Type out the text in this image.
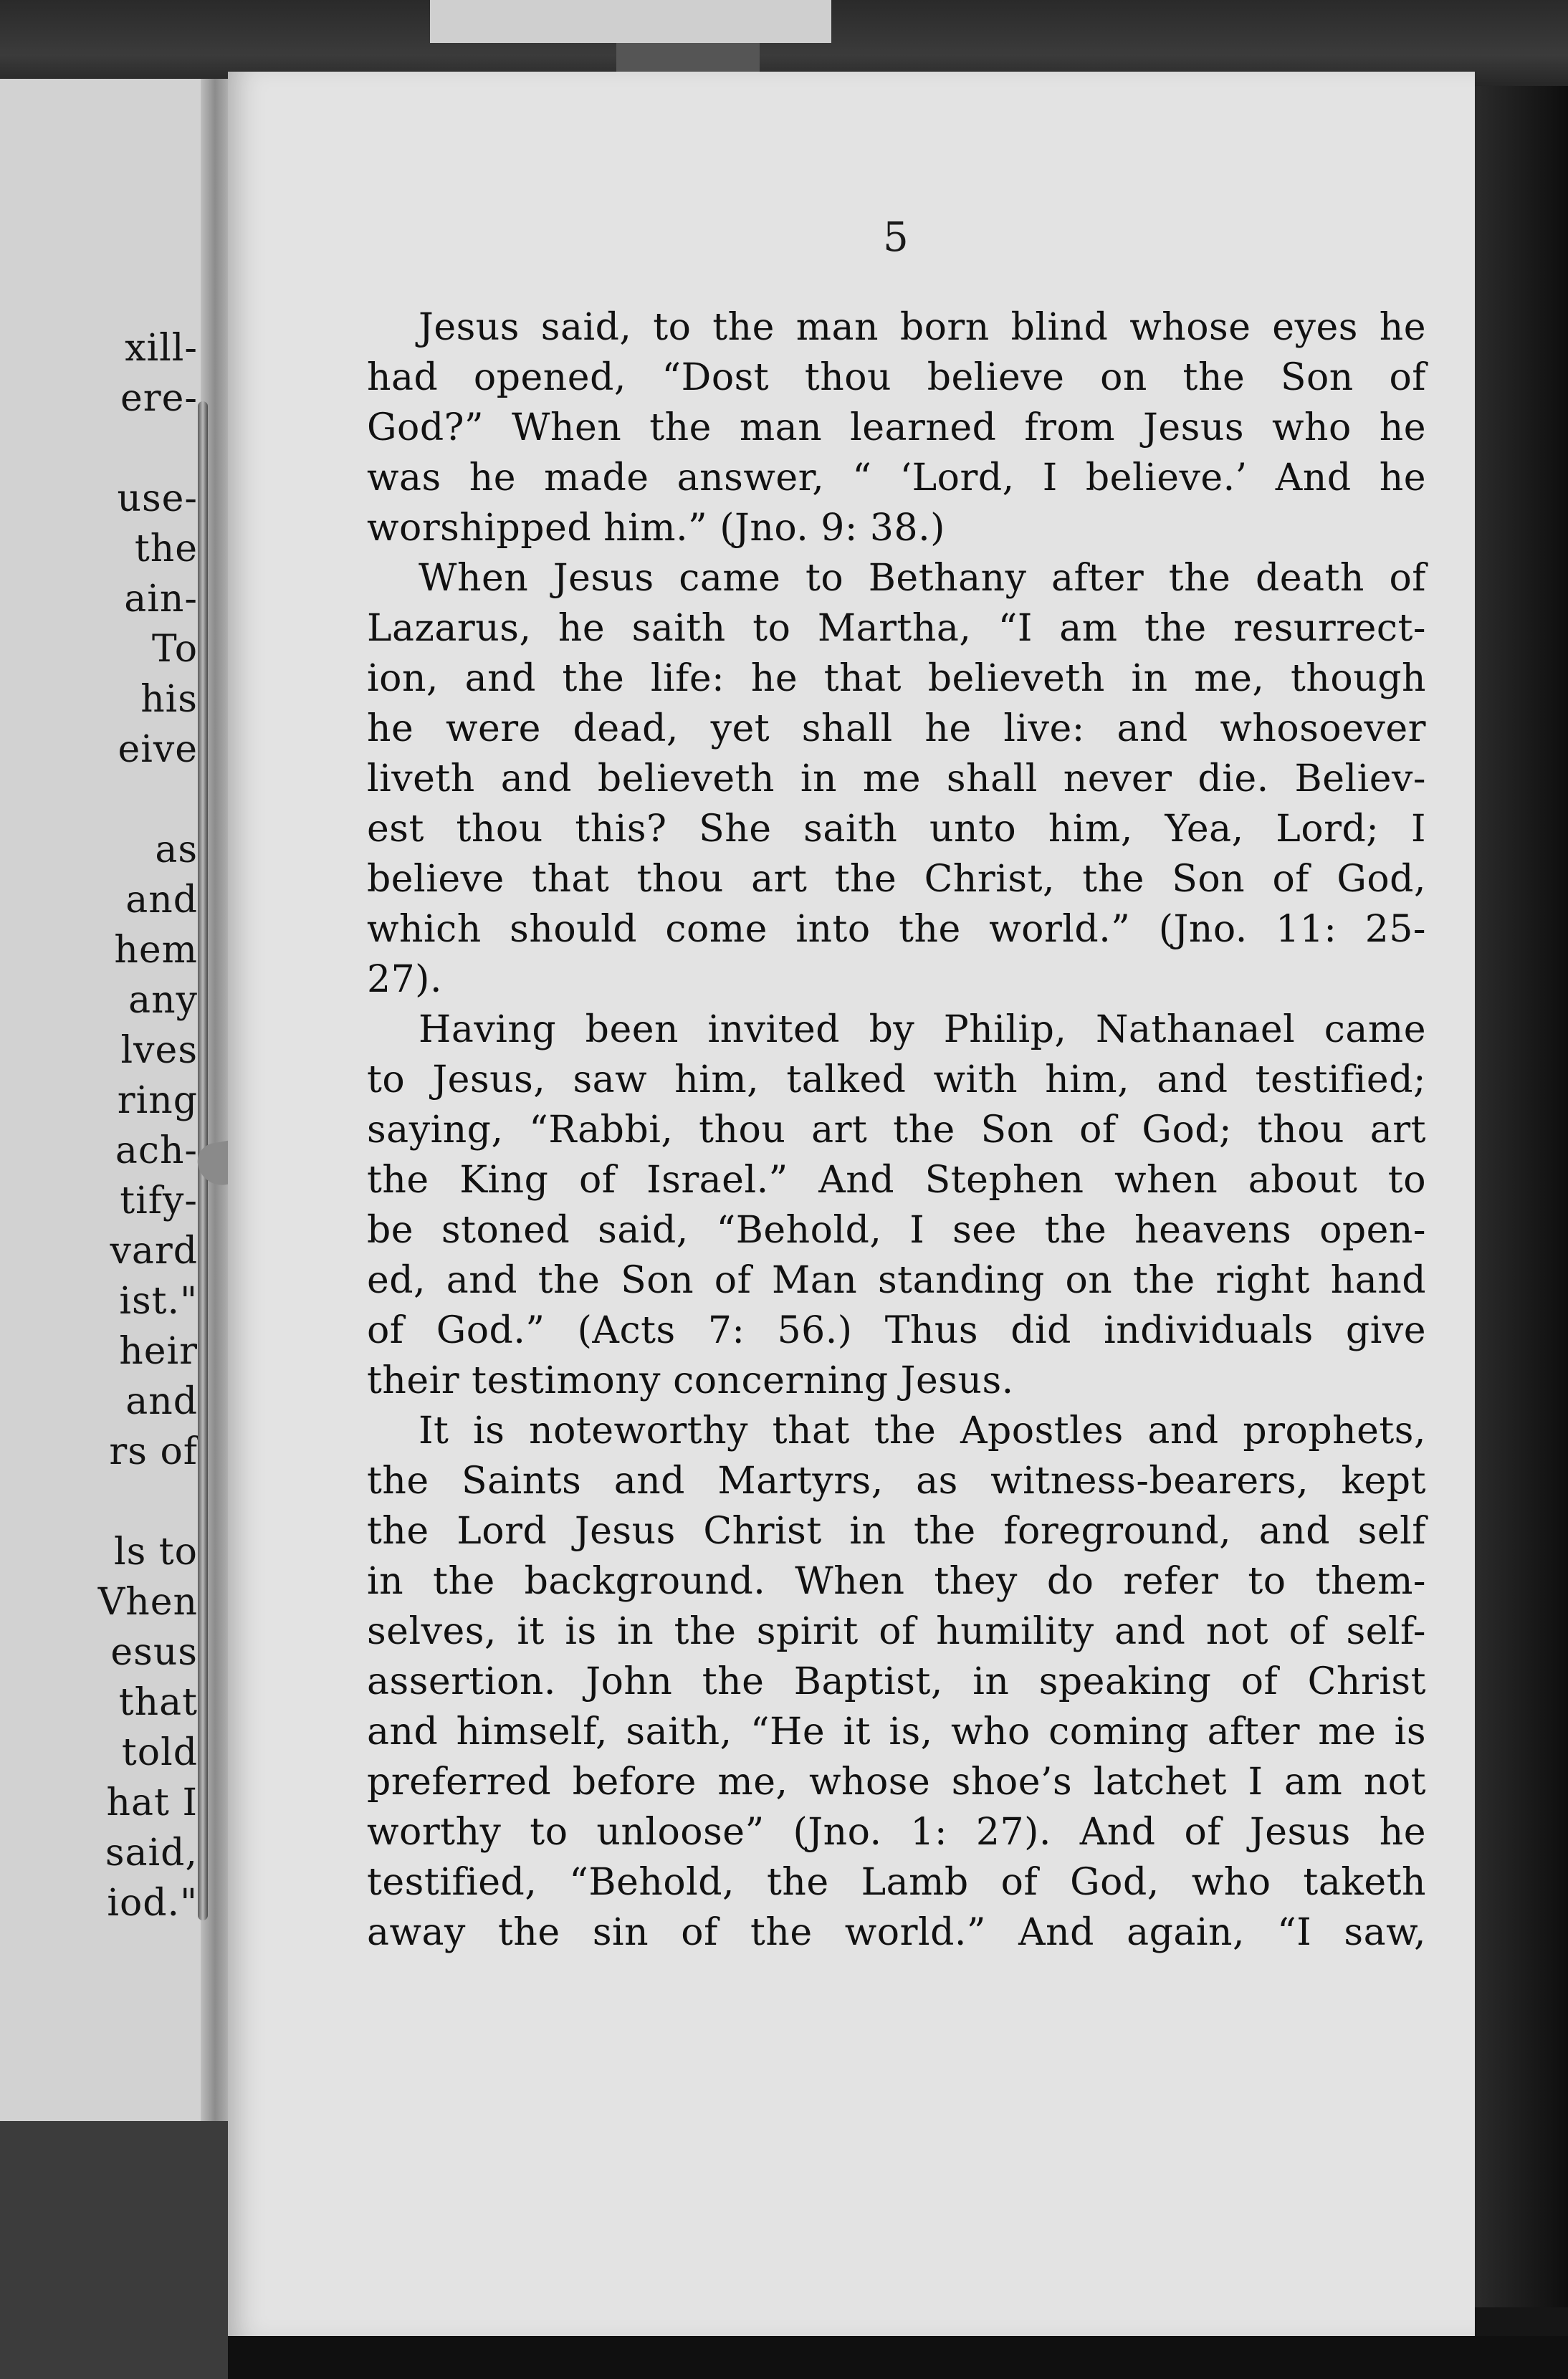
xill-
ere-
use-
the
ain-
To
his
eive
as
and
hem
any
lves
ring
ach-
tify-
vard
ist."
heir
and
rs of
ls to
Vhen
esus
that
told
hat I
said,
iod."
5
Jesus said, to the man born blind whose eyes he
had opened, “Dost thou believe on the Son of
God?” When the man learned from Jesus who he
was he made answer, “ ‘Lord, I believe.’ And he
worshipped him.” (Jno. 9: 38.)
When Jesus came to Bethany after the death of
Lazarus, he saith to Martha, “I am the resurrect-
ion, and the life: he that believeth in me, though
he were dead, yet shall he live: and whosoever
liveth and believeth in me shall never die. Believ-
est thou this? She saith unto him, Yea, Lord; I
believe that thou art the Christ, the Son of God,
which should come into the world.” (Jno. 11: 25-
27).
Having been invited by Philip, Nathanael came
to Jesus, saw him, talked with him, and testified;
saying, “Rabbi, thou art the Son of God; thou art
the King of Israel.” And Stephen when about to
be stoned said, “Behold, I see the heavens open-
ed, and the Son of Man standing on the right hand
of God.” (Acts 7: 56.) Thus did individuals give
their testimony concerning Jesus.
It is noteworthy that the Apostles and prophets,
the Saints and Martyrs, as witness-bearers, kept
the Lord Jesus Christ in the foreground, and self
in the background. When they do refer to them-
selves, it is in the spirit of humility and not of self-
assertion. John the Baptist, in speaking of Christ
and himself, saith, “He it is, who coming after me is
preferred before me, whose shoe’s latchet I am not
worthy to unloose” (Jno. 1: 27). And of Jesus he
testified, “Behold, the Lamb of God, who taketh
away the sin of the world.” And again, “I saw,
